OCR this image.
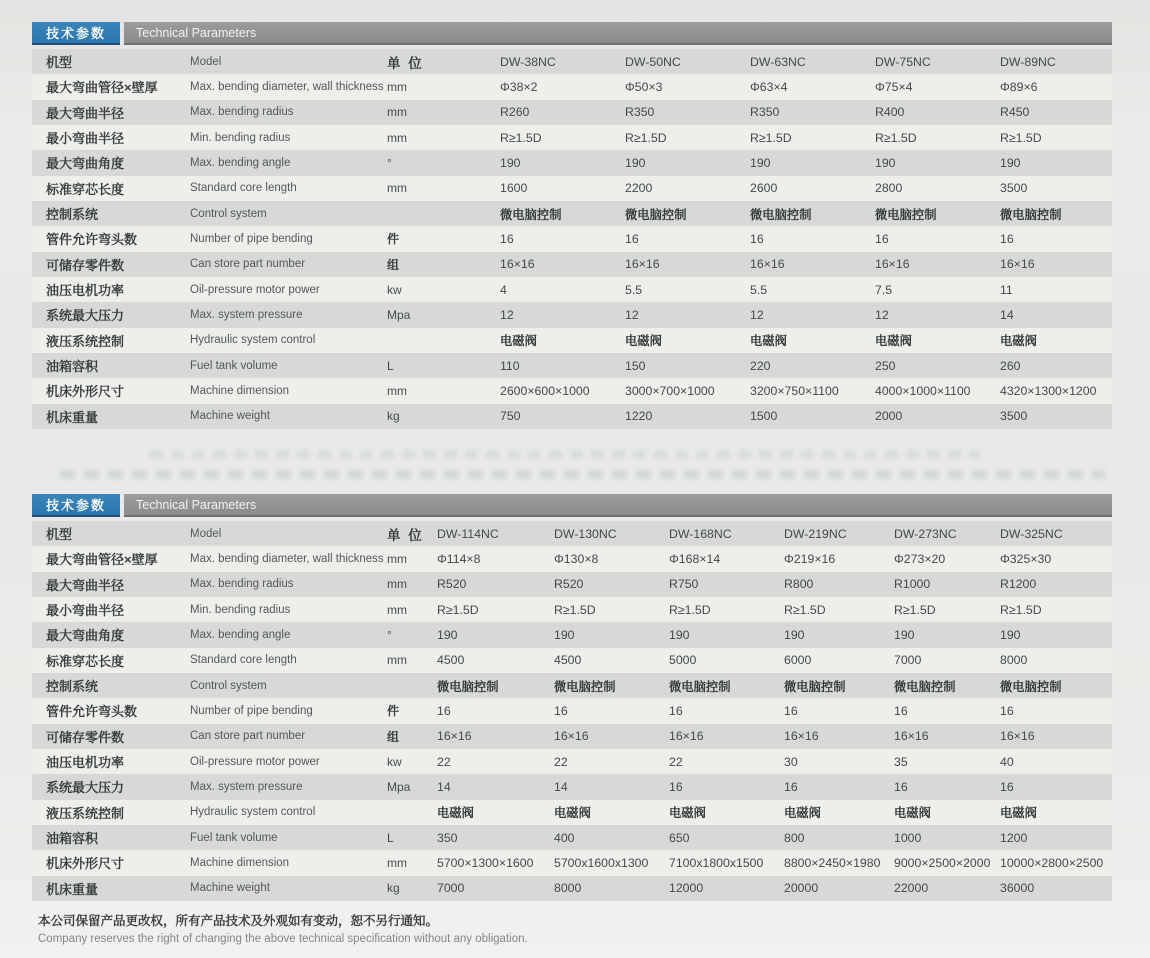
技术参数	Technical Parameters
机型	Model	单 位	DW-38NC	DW-50NC	DW-63NC	DW-75NC	DW-89NC
最大弯曲管径×壁厚	Max. bending diameter, wall thickness	mm	Φ38×2	Φ50×3	Φ63×4	Φ75×4	Φ89×6
最大弯曲半径	Max. bending radius	mm	R260	R350	R350	R400	R450
最小弯曲半径	Min. bending radius	mm	R≥1.5D	R≥1.5D	R≥1.5D	R≥1.5D	R≥1.5D
最大弯曲角度	Max. bending angle	°	190	190	190	190	190
标准穿芯长度	Standard core length	mm	1600	2200	2600	2800	3500
控制系统	Control system		微电脑控制	微电脑控制	微电脑控制	微电脑控制	微电脑控制
管件允许弯头数	Number of pipe bending	件	16	16	16	16	16
可储存零件数	Can store part number	组	16×16	16×16	16×16	16×16	16×16
油压电机功率	Oil-pressure motor power	kw	4	5.5	5.5	7.5	11
系统最大压力	Max. system pressure	Mpa	12	12	12	12	14
液压系统控制	Hydraulic system control		电磁阀	电磁阀	电磁阀	电磁阀	电磁阀
油箱容积	Fuel tank volume	L	110	150	220	250	260
机床外形尺寸	Machine dimension	mm	2600×600×1000	3000×700×1000	3200×750×1100	4000×1000×1100	4320×1300×1200
机床重量	Machine weight	kg	750	1220	1500	2000	3500
技术参数	Technical Parameters
机型	Model	单 位	DW-114NC	DW-130NC	DW-168NC	DW-219NC	DW-273NC	DW-325NC
最大弯曲管径×壁厚	Max. bending diameter, wall thickness	mm	Φ114×8	Φ130×8	Φ168×14	Φ219×16	Φ273×20	Φ325×30
最大弯曲半径	Max. bending radius	mm	R520	R520	R750	R800	R1000	R1200
最小弯曲半径	Min. bending radius	mm	R≥1.5D	R≥1.5D	R≥1.5D	R≥1.5D	R≥1.5D	R≥1.5D
最大弯曲角度	Max. bending angle	°	190	190	190	190	190	190
标准穿芯长度	Standard core length	mm	4500	4500	5000	6000	7000	8000
控制系统	Control system		微电脑控制	微电脑控制	微电脑控制	微电脑控制	微电脑控制	微电脑控制
管件允许弯头数	Number of pipe bending	件	16	16	16	16	16	16
可储存零件数	Can store part number	组	16×16	16×16	16×16	16×16	16×16	16×16
油压电机功率	Oil-pressure motor power	kw	22	22	22	30	35	40
系统最大压力	Max. system pressure	Mpa	14	14	16	16	16	16
液压系统控制	Hydraulic system control		电磁阀	电磁阀	电磁阀	电磁阀	电磁阀	电磁阀
油箱容积	Fuel tank volume	L	350	400	650	800	1000	1200
机床外形尺寸	Machine dimension	mm	5700×1300×1600	5700x1600x1300	7100x1800x1500	8800×2450×1980	9000×2500×2000	10000×2800×2500
机床重量	Machine weight	kg	7000	8000	12000	20000	22000	36000
本公司保留产品更改权，所有产品技术及外观如有变动，恕不另行通知。
Company reserves the right of changing the above technical specification without any obligation.
